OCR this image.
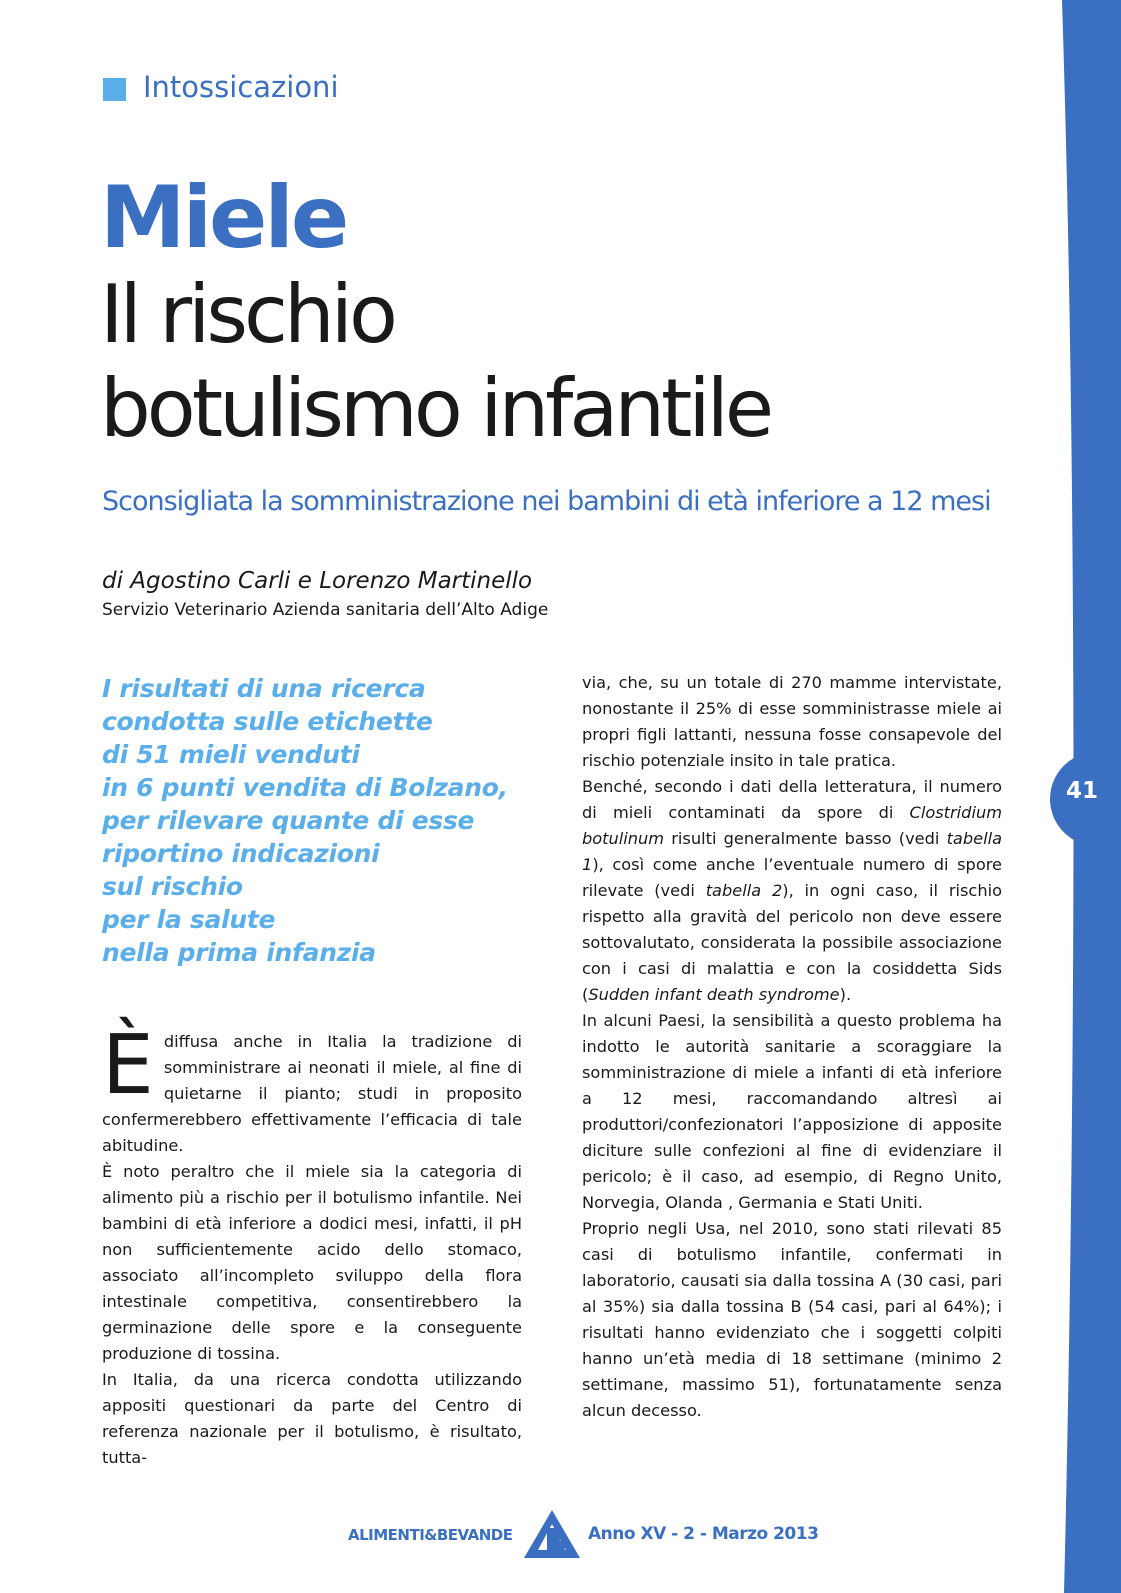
41
Intossicazioni
Miele
Il rischio
botulismo infantile
Sconsigliata la somministrazione nei bambini di età inferiore a 12 mesi
di Agostino Carli e Lorenzo Martinello
Servizio Veterinario Azienda sanitaria dell’Alto Adige
I risultati di una ricerca
condotta sulle etichette
di 51 mieli venduti
in 6 punti vendita di Bolzano,
per rilevare quante di esse
riportino indicazioni
sul rischio
per la salute
nella prima infanzia

Èdiffusa anche in Italia la tradizione di somministrare ai neonati il miele, al fine di quietarne il pianto; studi in proposito confermerebbero effettivamente l’efficacia di tale abitudine.

È noto peraltro che il miele sia la categoria di alimento più a rischio per il botulismo infantile. Nei bambini di età inferiore a dodici mesi, infatti, il pH non sufficientemente acido dello stomaco, associato all’incompleto sviluppo della flora intestinale competitiva, consentirebbero la germinazione delle spore e la conseguente produzione di tossina.

In Italia, da una ricerca condotta utilizzando appositi questionari da parte del Centro di referenza nazionale per il botulismo, è risultato, tutta-

via, che, su un totale di 270 mamme intervistate, nonostante il 25% di esse somministrasse miele ai propri figli lattanti, nessuna fosse consapevole del rischio potenziale insito in tale pratica.

Benché, secondo i dati della letteratura, il numero di mieli contaminati da spore di Clostridium botulinum risulti generalmente basso (vedi tabella 1), così come anche l’eventuale numero di spore rilevate (vedi tabella 2), in ogni caso, il rischio rispetto alla gravità del pericolo non deve essere sottovalutato, considerata la possibile associazione con i casi di malattia e con la cosiddetta Sids (Sudden infant death syndrome).

In alcuni Paesi, la sensibilità a questo problema ha indotto le autorità sanitarie a scoraggiare la somministrazione di miele a infanti di età inferiore a 12 mesi, raccomandando altresì ai produttori/confezionatori l’apposizione di apposite diciture sulle confezioni al fine di evidenziare il pericolo; è il caso, ad esempio, di Regno Unito, Norvegia, Olanda , Germania e Stati Uniti.

Proprio negli Usa, nel 2010, sono stati rilevati 85 casi di botulismo infantile, confermati in laboratorio, causati sia dalla tossina A (30 casi, pari al 35%) sia dalla tossina B (54 casi, pari al 64%); i risultati hanno evidenziato che i soggetti colpiti hanno un’età media di 18 settimane (minimo 2 settimane, massimo 51), fortunatamente senza alcun decesso.

ALIMENTI&BEVANDE	Anno XV - 2 - Marzo 2013
